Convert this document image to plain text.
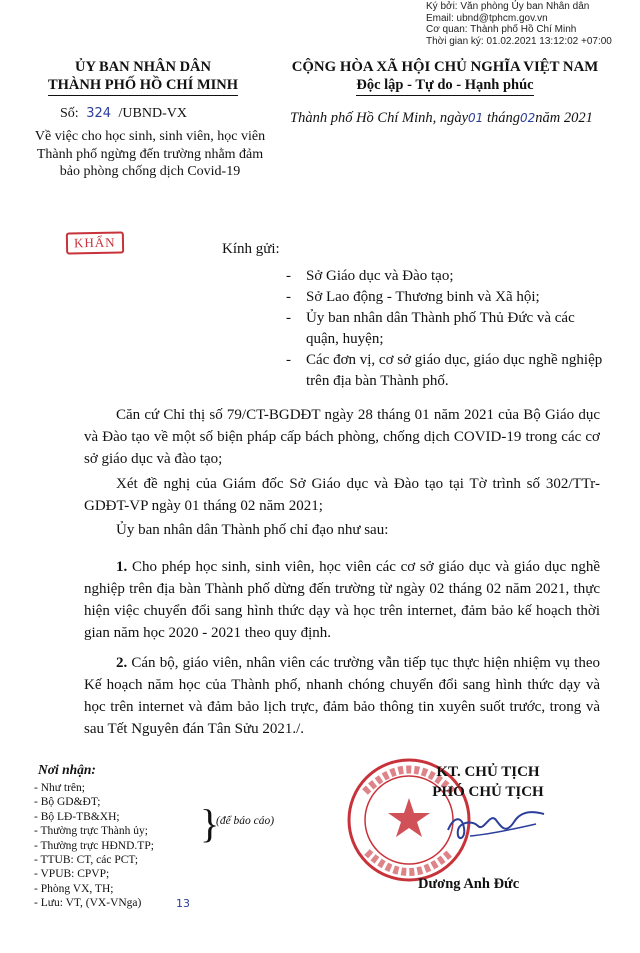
Ký bởi: Văn phòng Ủy ban Nhân dân
Email: ubnd@tphcm.gov.vn
Cơ quan: Thành phố Hồ Chí Minh
Thời gian ký: 01.02.2021 13:12:02 +07:00
ỦY BAN NHÂN DÂN
THÀNH PHỐ HỒ CHÍ MINH
CỘNG HÒA XÃ HỘI CHỦ NGHĨA VIỆT NAM
Độc lập - Tự do - Hạnh phúc
Số: 324 /UBND-VX	Thành phố Hồ Chí Minh, ngày01 tháng02năm 2021
Về việc cho học sinh, sinh viên, học viên Thành phố ngừng đến trường nhằm đảm bảo phòng chống dịch Covid-19
KHẨN	Kính gửi:
- Sở Giáo dục và Đào tạo;
- Sở Lao động - Thương binh và Xã hội;
- Ủy ban nhân dân Thành phố Thủ Đức và các quận, huyện;
- Các đơn vị, cơ sở giáo dục, giáo dục nghề nghiệp trên địa bàn Thành phố.
Căn cứ Chỉ thị số 79/CT-BGDĐT ngày 28 tháng 01 năm 2021 của Bộ Giáo dục và Đào tạo về một số biện pháp cấp bách phòng, chống dịch COVID-19 trong các cơ sở giáo dục và đào tạo;
Xét đề nghị của Giám đốc Sở Giáo dục và Đào tạo tại Tờ trình số 302/TTr-GDĐT-VP ngày 01 tháng 02 năm 2021;
Ủy ban nhân dân Thành phố chỉ đạo như sau:
1. Cho phép học sinh, sinh viên, học viên các cơ sở giáo dục và giáo dục nghề nghiệp trên địa bàn Thành phố dừng đến trường từ ngày 02 tháng 02 năm 2021, thực hiện việc chuyển đổi sang hình thức dạy và học trên internet, đảm bảo kế hoạch thời gian năm học 2020 - 2021 theo quy định.
2. Cán bộ, giáo viên, nhân viên các trường vẫn tiếp tục thực hiện nhiệm vụ theo Kế hoạch năm học của Thành phố, nhanh chóng chuyển đổi sang hình thức dạy và học trên internet và đảm bảo lịch trực, đảm bảo thông tin xuyên suốt trước, trong và sau Tết Nguyên đán Tân Sửu 2021./.
Nơi nhận:
- Như trên;
- Bộ GD&ĐT;
- Bộ LĐ-TB&XH;
- Thường trực Thành ủy;
- Thường trực HĐND.TP;
- TTUB: CT, các PCT;
- VPUB: CPVP;
- Phòng VX, TH;
- Lưu: VT, (VX-VNga)
}
(để báo cáo)
13
KT. CHỦ TỊCH
PHÓ CHỦ TỊCH
Dương Anh Đức
